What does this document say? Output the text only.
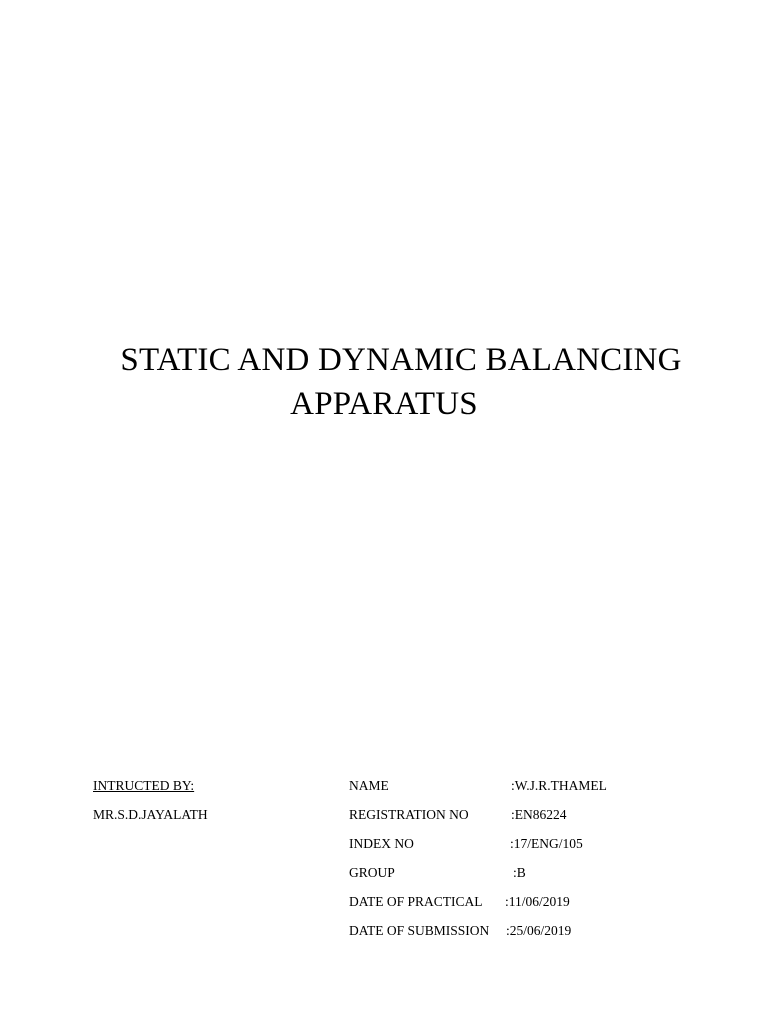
STATIC AND DYNAMIC BALANCING
APPARATUS
INTRUCTED BY:
MR.S.D.JAYALATH
NAME	:W.J.R.THAMEL
REGISTRATION NO	:EN86224
INDEX NO	:17/ENG/105
GROUP	:B
DATE OF PRACTICAL :11/06/2019
DATE OF SUBMISSION :25/06/2019
